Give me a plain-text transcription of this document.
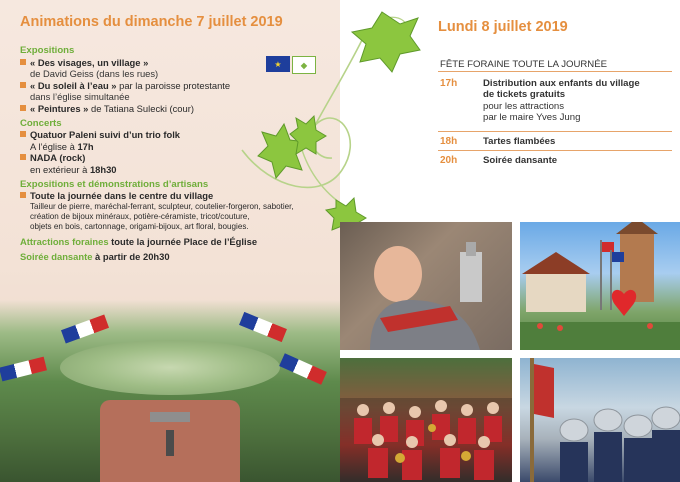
Animations du dimanche 7 juillet 2019
★	◆
Expositions
« Des visages, un village »
de David Geiss (dans les rues)
« Du soleil à l’eau » par la paroisse protestante
dans l’église simultanée
« Peintures » de Tatiana Sulecki (cour)
Concerts
Quatuor Paleni suivi d’un trio folk
A l’église à 17h
NADA (rock)
en extérieur à 18h30
Expositions et démonstrations d’artisans
Toute la journée dans le centre du village
Tailleur de pierre, maréchal-ferrant, sculpteur, coutelier-forgeron, sabotier,
création de bijoux minéraux, potière-céramiste, tricot/couture,
objets en bois, cartonnage, origami-bijoux, art floral, bougies.
Attractions foraines toute la journée Place de l’Église
Soirée dansante à partir de 20h30
Lundi 8 juillet 2019
FÊTE FORAINE TOUTE LA JOURNÉE
17h	Distribution aux enfants du village
de tickets gratuits
pour les attractions
par le maire Yves Jung
18h	Tartes flambées
20h	Soirée dansante
